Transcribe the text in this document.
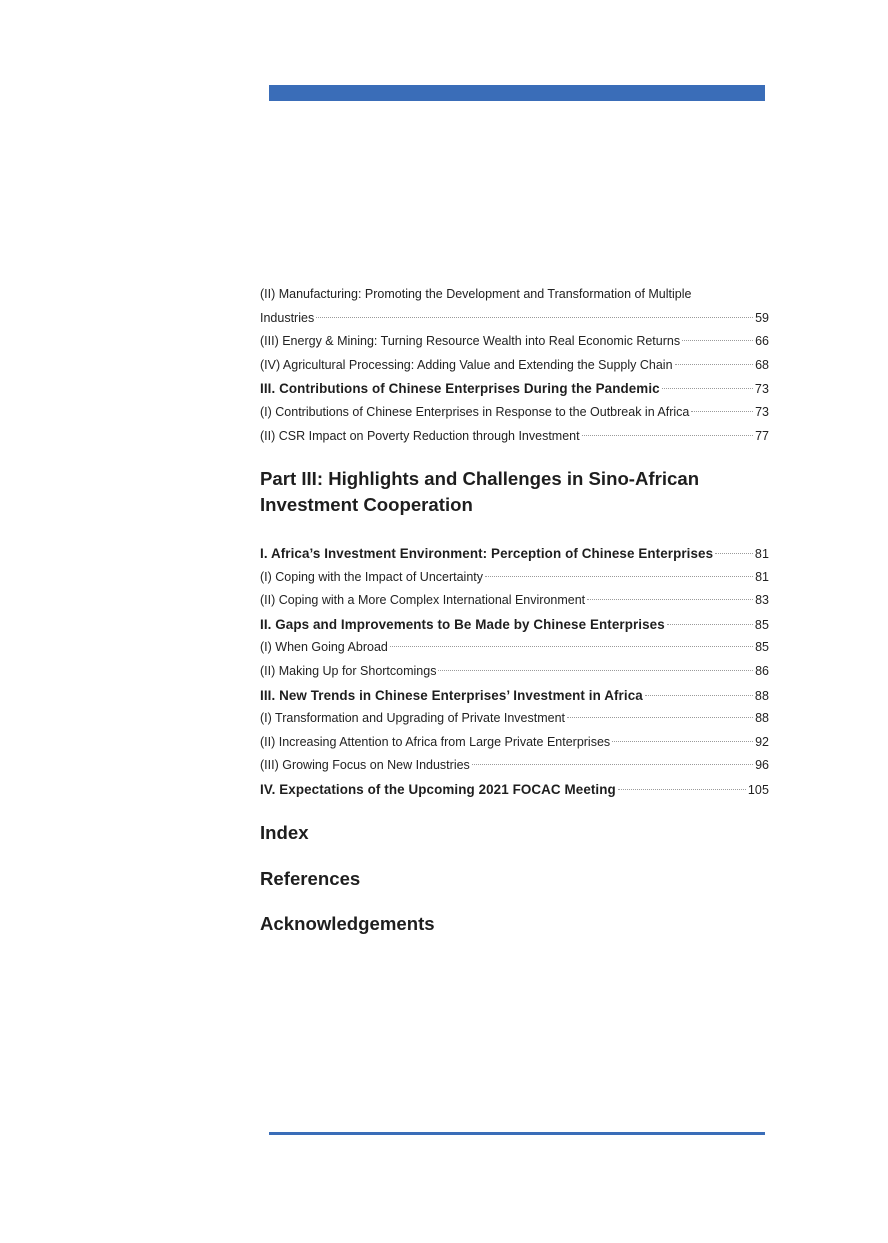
(II) Manufacturing: Promoting the Development and Transformation of Multiple
Industries	59
(III) Energy & Mining: Turning Resource Wealth into Real Economic Returns	66
(IV) Agricultural Processing: Adding Value and Extending the Supply Chain	68
III. Contributions of Chinese Enterprises During the Pandemic	73
(I) Contributions of Chinese Enterprises in Response to the Outbreak in Africa	73
(II) CSR Impact on Poverty Reduction through Investment	77
Part III: Highlights and Challenges in Sino-African Investment Cooperation
I. Africa’s Investment Environment: Perception of Chinese Enterprises	81
(I) Coping with the Impact of Uncertainty	81
(II) Coping with a More Complex International Environment	83
II. Gaps and Improvements to Be Made by Chinese Enterprises	85
(I) When Going Abroad	85
(II) Making Up for Shortcomings	86
III. New Trends in Chinese Enterprises’ Investment in Africa	88
(I) Transformation and Upgrading of Private Investment	88
(II) Increasing Attention to Africa from Large Private Enterprises	92
(III) Growing Focus on New Industries	96
IV. Expectations of the Upcoming 2021 FOCAC Meeting	105
Index
References
Acknowledgements
